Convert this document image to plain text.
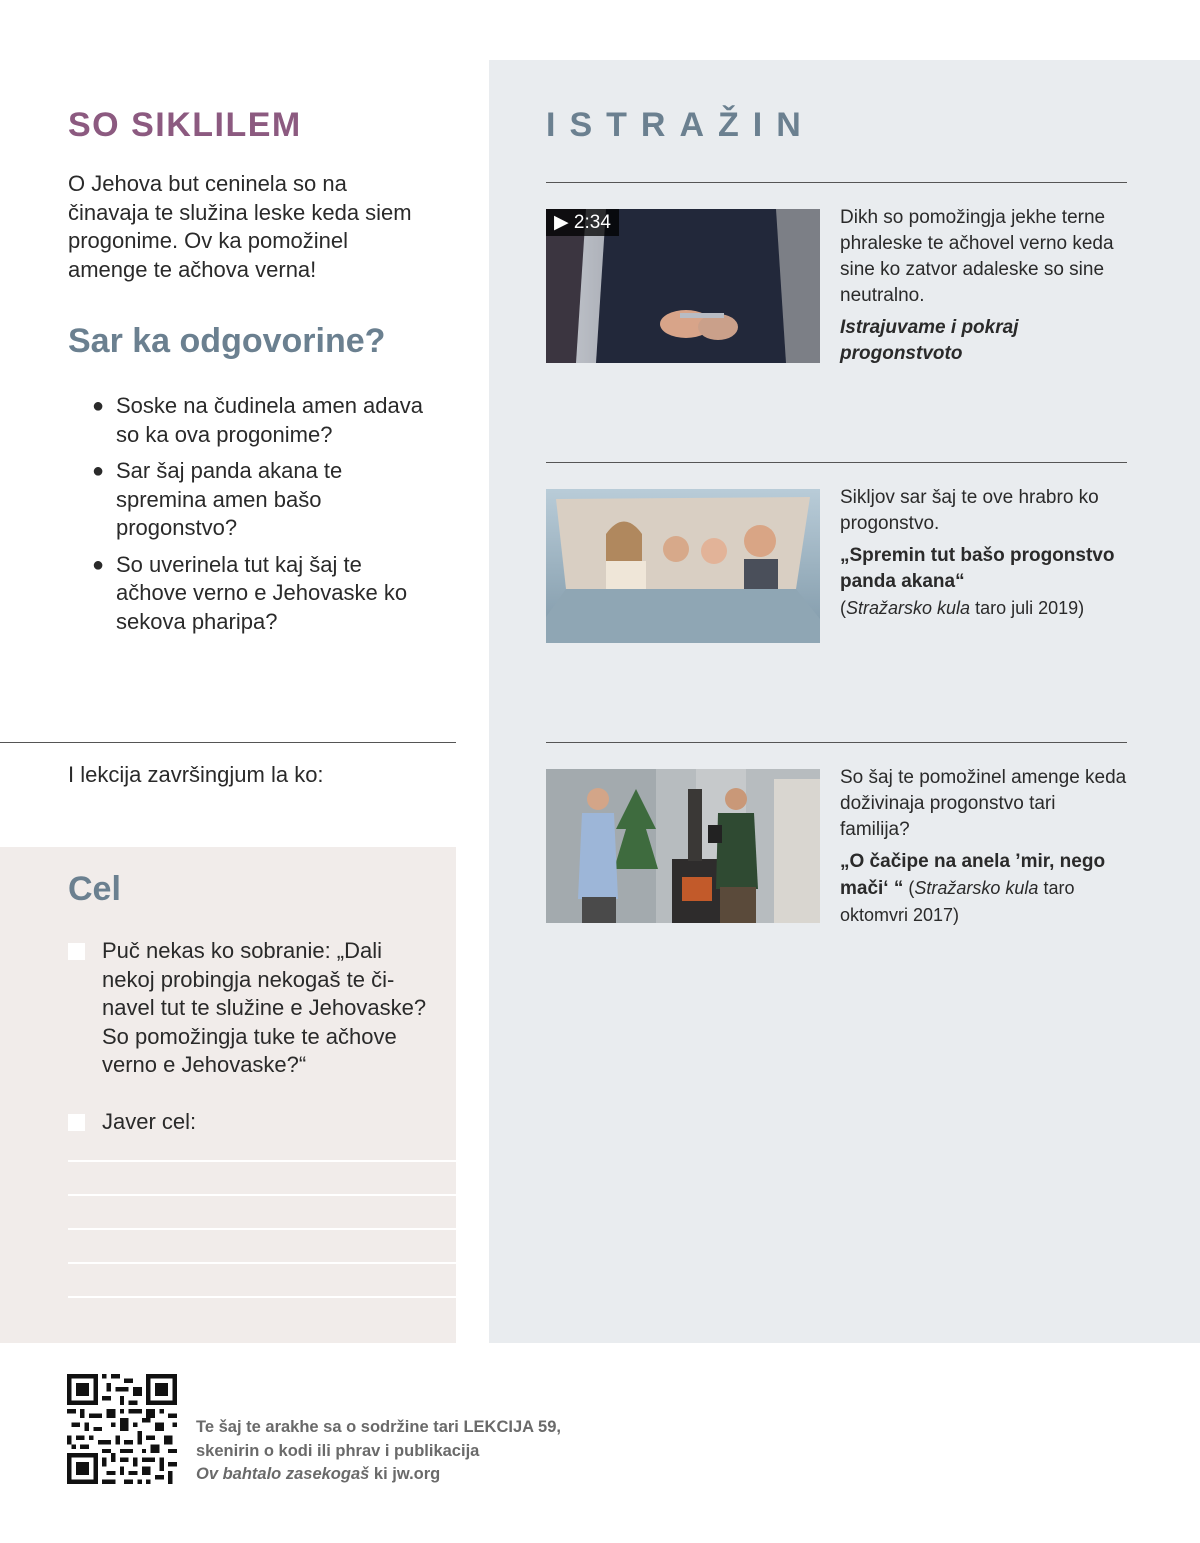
SO SIKLILEM

O Jehova but ceninela so na činavaja te služina leske keda siem progonime. Ov ka pomožinel amenge te ačhova verna!

Sar ka odgovorine?
● Soske na čudinela amen adava so ka ova progonime?
● Sar šaj panda akana te spremina amen bašo progonstvo?
● So uverinela tut kaj šaj te ačhove verno e Jehovaske ko sekova pharipa?
I lekcija završingjum la ko:
Cel
Puč nekas ko sobranie: „Dali nekoj probingja nekogaš te činavel tut te služine e Jehovaske? So pomožingja tuke te ačhove verno e Jehovaske?“
Javer cel:
ISTRAŽIN
▶ 2:34	Dikh so pomožingja jekhe terne phraleske te ačhovel verno keda sine ko zatvor adaleske so sine neutralno.
Istrajuvame i pokraj progonstvoto
Sikljov sar šaj te ove hrabro ko progonstvo.
„Spremin tut bašo progonstvo panda akana“
(Stražarsko kula taro juli 2019)
So šaj te pomožinel amenge keda doživinaja progonstvo tari familija?
„O čačipe na anela ’mir, nego mači‘ “ (Stražarsko kula taro oktomvri 2017)
Te šaj te arakhe sa o sodržine tari LEKCIJA 59,
skenirin o kodi ili phrav i publikacija
Ov bahtalo zasekogaš ki jw.org
